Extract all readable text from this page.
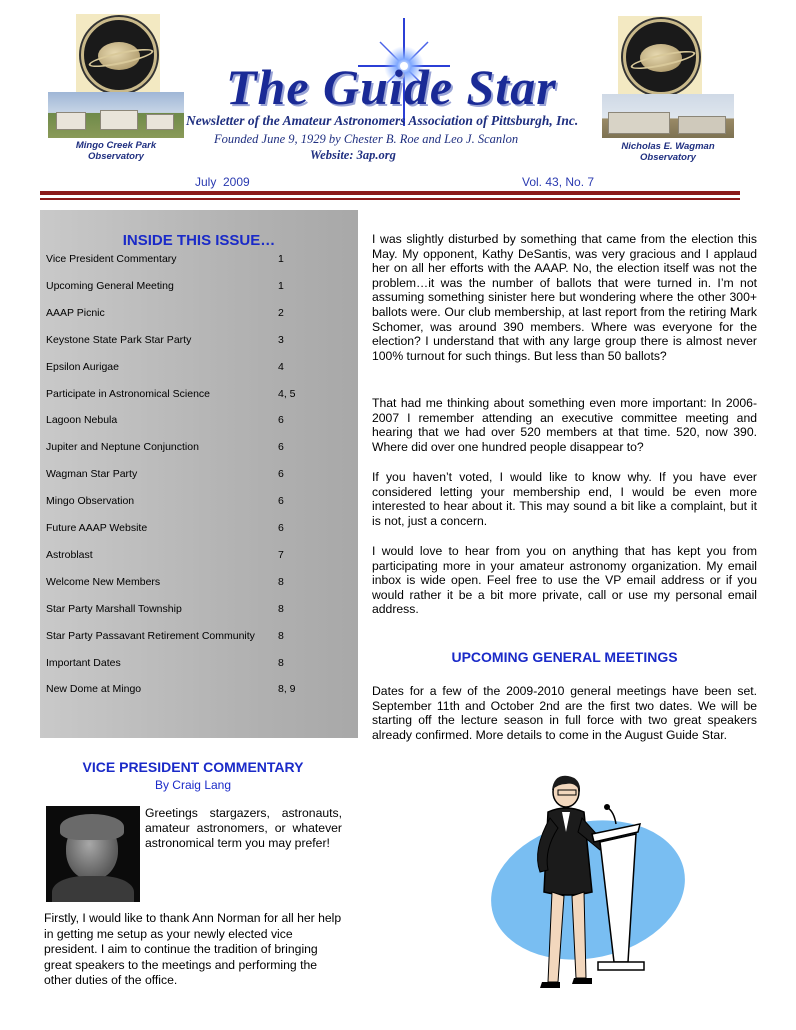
Mingo Creek Park
Observatory
Nicholas E. Wagman
Observatory
The Guide Star
Newsletter of the Amateur Astronomers Association of Pittsburgh, Inc.
Founded June 9, 1929 by Chester B. Roe and Leo J. Scanlon
Website: 3ap.org
July  2009	Vol. 43, No. 7
INSIDE THIS ISSUE…
Vice President Commentary	1
Upcoming General Meeting	1
AAAP Picnic	2
Keystone State Park Star Party	3
Epsilon Aurigae	4
Participate in Astronomical Science	4, 5
Lagoon Nebula	6
Jupiter and Neptune Conjunction	6
Wagman Star Party	6
Mingo Observation	6
Future AAAP Website	6
Astroblast	7
Welcome New Members	8
Star Party Marshall Township	8
Star Party Passavant Retirement Community 8
Important Dates	8
New Dome at Mingo	8, 9
VICE PRESIDENT COMMENTARY
By Craig Lang
Greetings stargazers, astronauts, amateur astronomers, or whatever astronomical term you may prefer!
Firstly, I would like to thank Ann Norman for all her help in getting me setup as your newly elected vice president. I aim to continue the tradition of bringing great speakers to the meetings and performing the other duties of the office.
I was slightly disturbed by something that came from the election this May. My opponent, Kathy DeSantis, was very gracious and I applaud her on all her efforts with the AAAP. No, the election itself was not the problem…it was the number of ballots that were turned in. I’m not assuming something sinister here but wondering where the other 300+ ballots were. Our club membership, at last report from the retiring Mark Schomer, was around 390 members. Where was everyone for the election? I understand that with any large group there is almost never 100% turnout for such things. But less than 50 ballots?
That had me thinking about something even more important: In 2006-2007 I remember attending an executive committee meeting and hearing that we had over 520 members at that time. 520, now 390. Where did over one hundred people disappear to?
If you haven’t voted, I would like to know why. If you have ever considered letting your membership end, I would be even more interested to hear about it. This may sound a bit like a complaint, but it is not, just a concern.
I would love to hear from you on anything that has kept you from participating more in your amateur astronomy organization. My email inbox is wide open. Feel free to use the VP email address or if you would rather it be a bit more private, call or use my personal email address.
UPCOMING GENERAL MEETINGS
Dates for a few of the 2009-2010 general meetings have been set. September 11th and October 2nd are the first two dates. We will be starting off the lecture season in full force with two great speakers already confirmed. More details to come in the August Guide Star.
